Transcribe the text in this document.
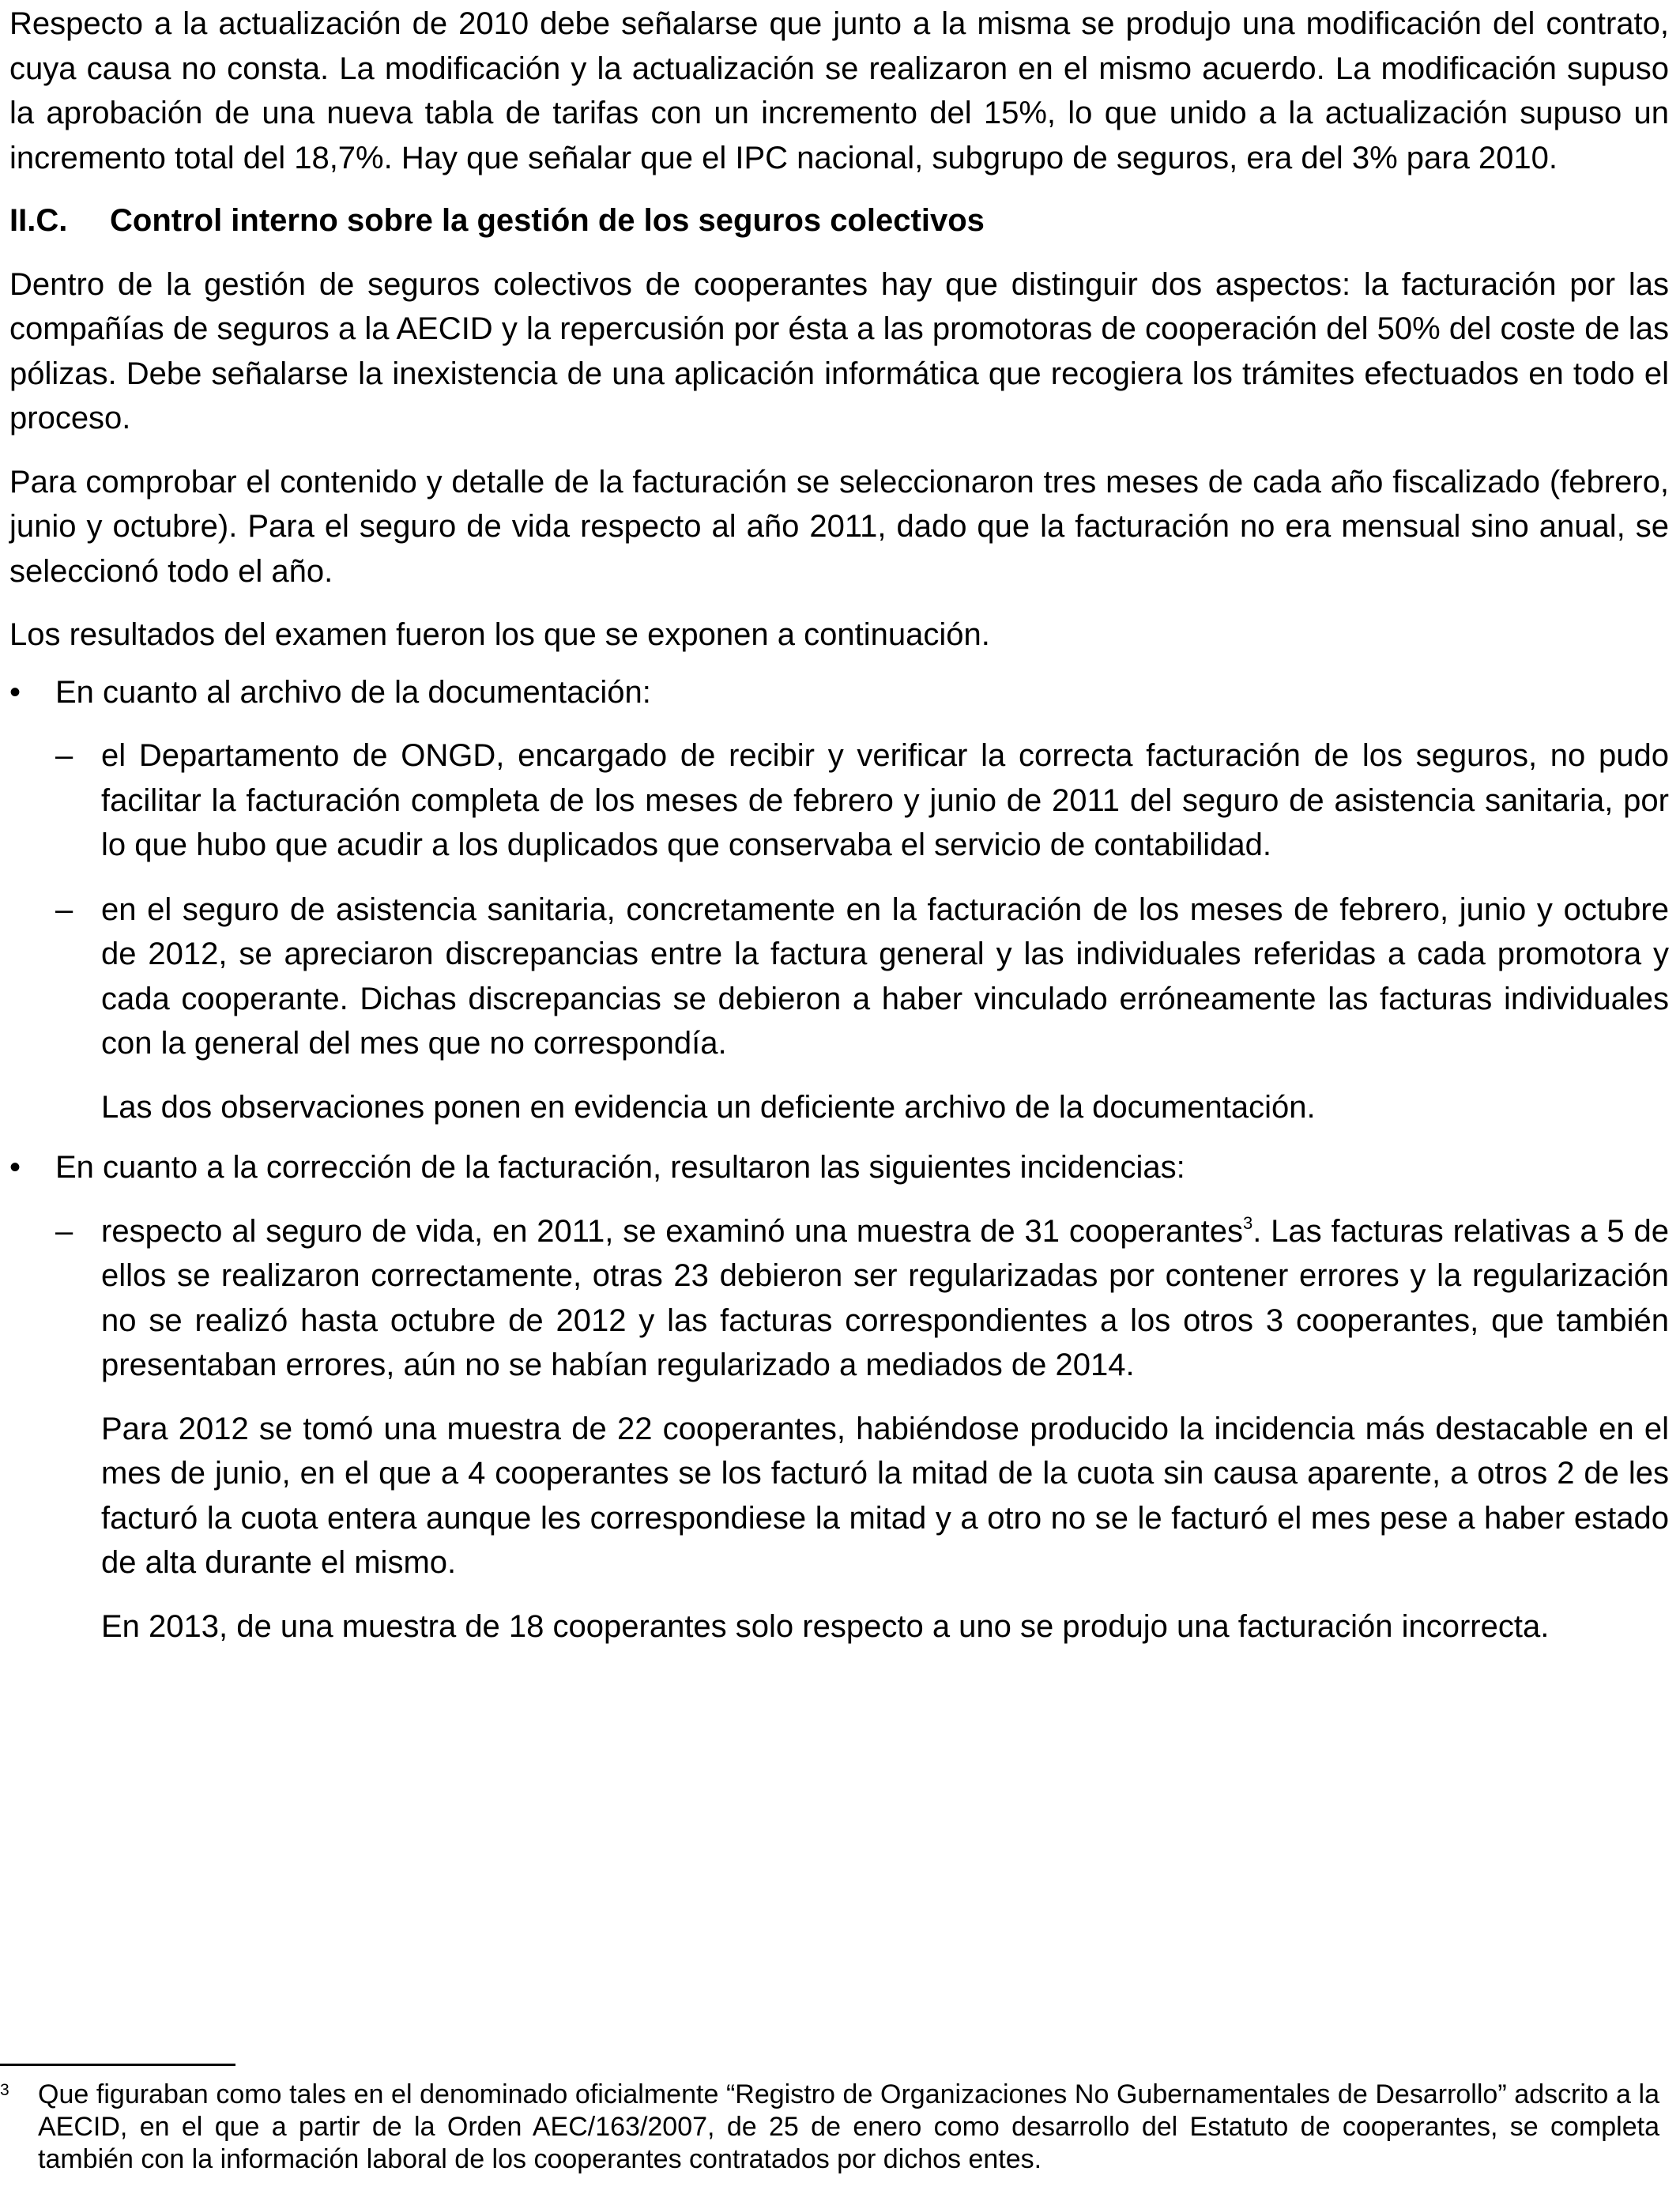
Respecto a la actualización de 2010 debe señalarse que junto a la misma se produjo una modificación del contrato, cuya causa no consta. La modificación y la actualización se realizaron en el mismo acuerdo. La modificación supuso la aprobación de una nueva tabla de tarifas con un incremento del 15%, lo que unido a la actualización supuso un incremento total del 18,7%. Hay que señalar que el IPC nacional, subgrupo de seguros, era del 3% para 2010.

II.C.	Control interno sobre la gestión de los seguros colectivos

Dentro de la gestión de seguros colectivos de cooperantes hay que distinguir dos aspectos: la facturación por las compañías de seguros a la AECID y la repercusión por ésta a las promotoras de cooperación del 50% del coste de las pólizas. Debe señalarse la inexistencia de una aplicación informática que recogiera los trámites efectuados en todo el proceso.

Para comprobar el contenido y detalle de la facturación se seleccionaron tres meses de cada año fiscalizado (febrero, junio y octubre). Para el seguro de vida respecto al año 2011, dado que la facturación no era mensual sino anual, se seleccionó todo el año.

Los resultados del examen fueron los que se exponen a continuación.

•	En cuanto al archivo de la documentación:
– el Departamento de ONGD, encargado de recibir y verificar la correcta facturación de los seguros, no pudo facilitar la facturación completa de los meses de febrero y junio de 2011 del seguro de asistencia sanitaria, por lo que hubo que acudir a los duplicados que conservaba el servicio de contabilidad.

– en el seguro de asistencia sanitaria, concretamente en la facturación de los meses de febrero, junio y octubre de 2012, se apreciaron discrepancias entre la factura general y las individuales referidas a cada promotora y cada cooperante. Dichas discrepancias se debieron a haber vinculado erróneamente las facturas individuales con la general del mes que no correspondía.

Las dos observaciones ponen en evidencia un deficiente archivo de la documentación.

•	En cuanto a la corrección de la facturación, resultaron las siguientes incidencias:
– respecto al seguro de vida, en 2011, se examinó una muestra de 31 cooperantes$^3$. Las facturas relativas a 5 de ellos se realizaron correctamente, otras 23 debieron ser regularizadas por contener errores y la regularización no se realizó hasta octubre de 2012 y las facturas correspondientes a los otros 3 cooperantes, que también presentaban errores, aún no se habían regularizado a mediados de 2014.

Para 2012 se tomó una muestra de 22 cooperantes, habiéndose producido la incidencia más destacable en el mes de junio, en el que a 4 cooperantes se los facturó la mitad de la cuota sin causa aparente, a otros 2 de les facturó la cuota entera aunque les correspondiese la mitad y a otro no se le facturó el mes pese a haber estado de alta durante el mismo.

En 2013, de una muestra de 18 cooperantes solo respecto a uno se produjo una facturación incorrecta.

3	Que figuraban como tales en el denominado oficialmente “Registro de Organizaciones No Gubernamentales de Desarrollo” adscrito a la AECID, en el que a partir de la Orden AEC/163/2007, de 25 de enero como desarrollo del Estatuto de cooperantes, se completa también con la información laboral de los cooperantes contratados por dichos entes.
